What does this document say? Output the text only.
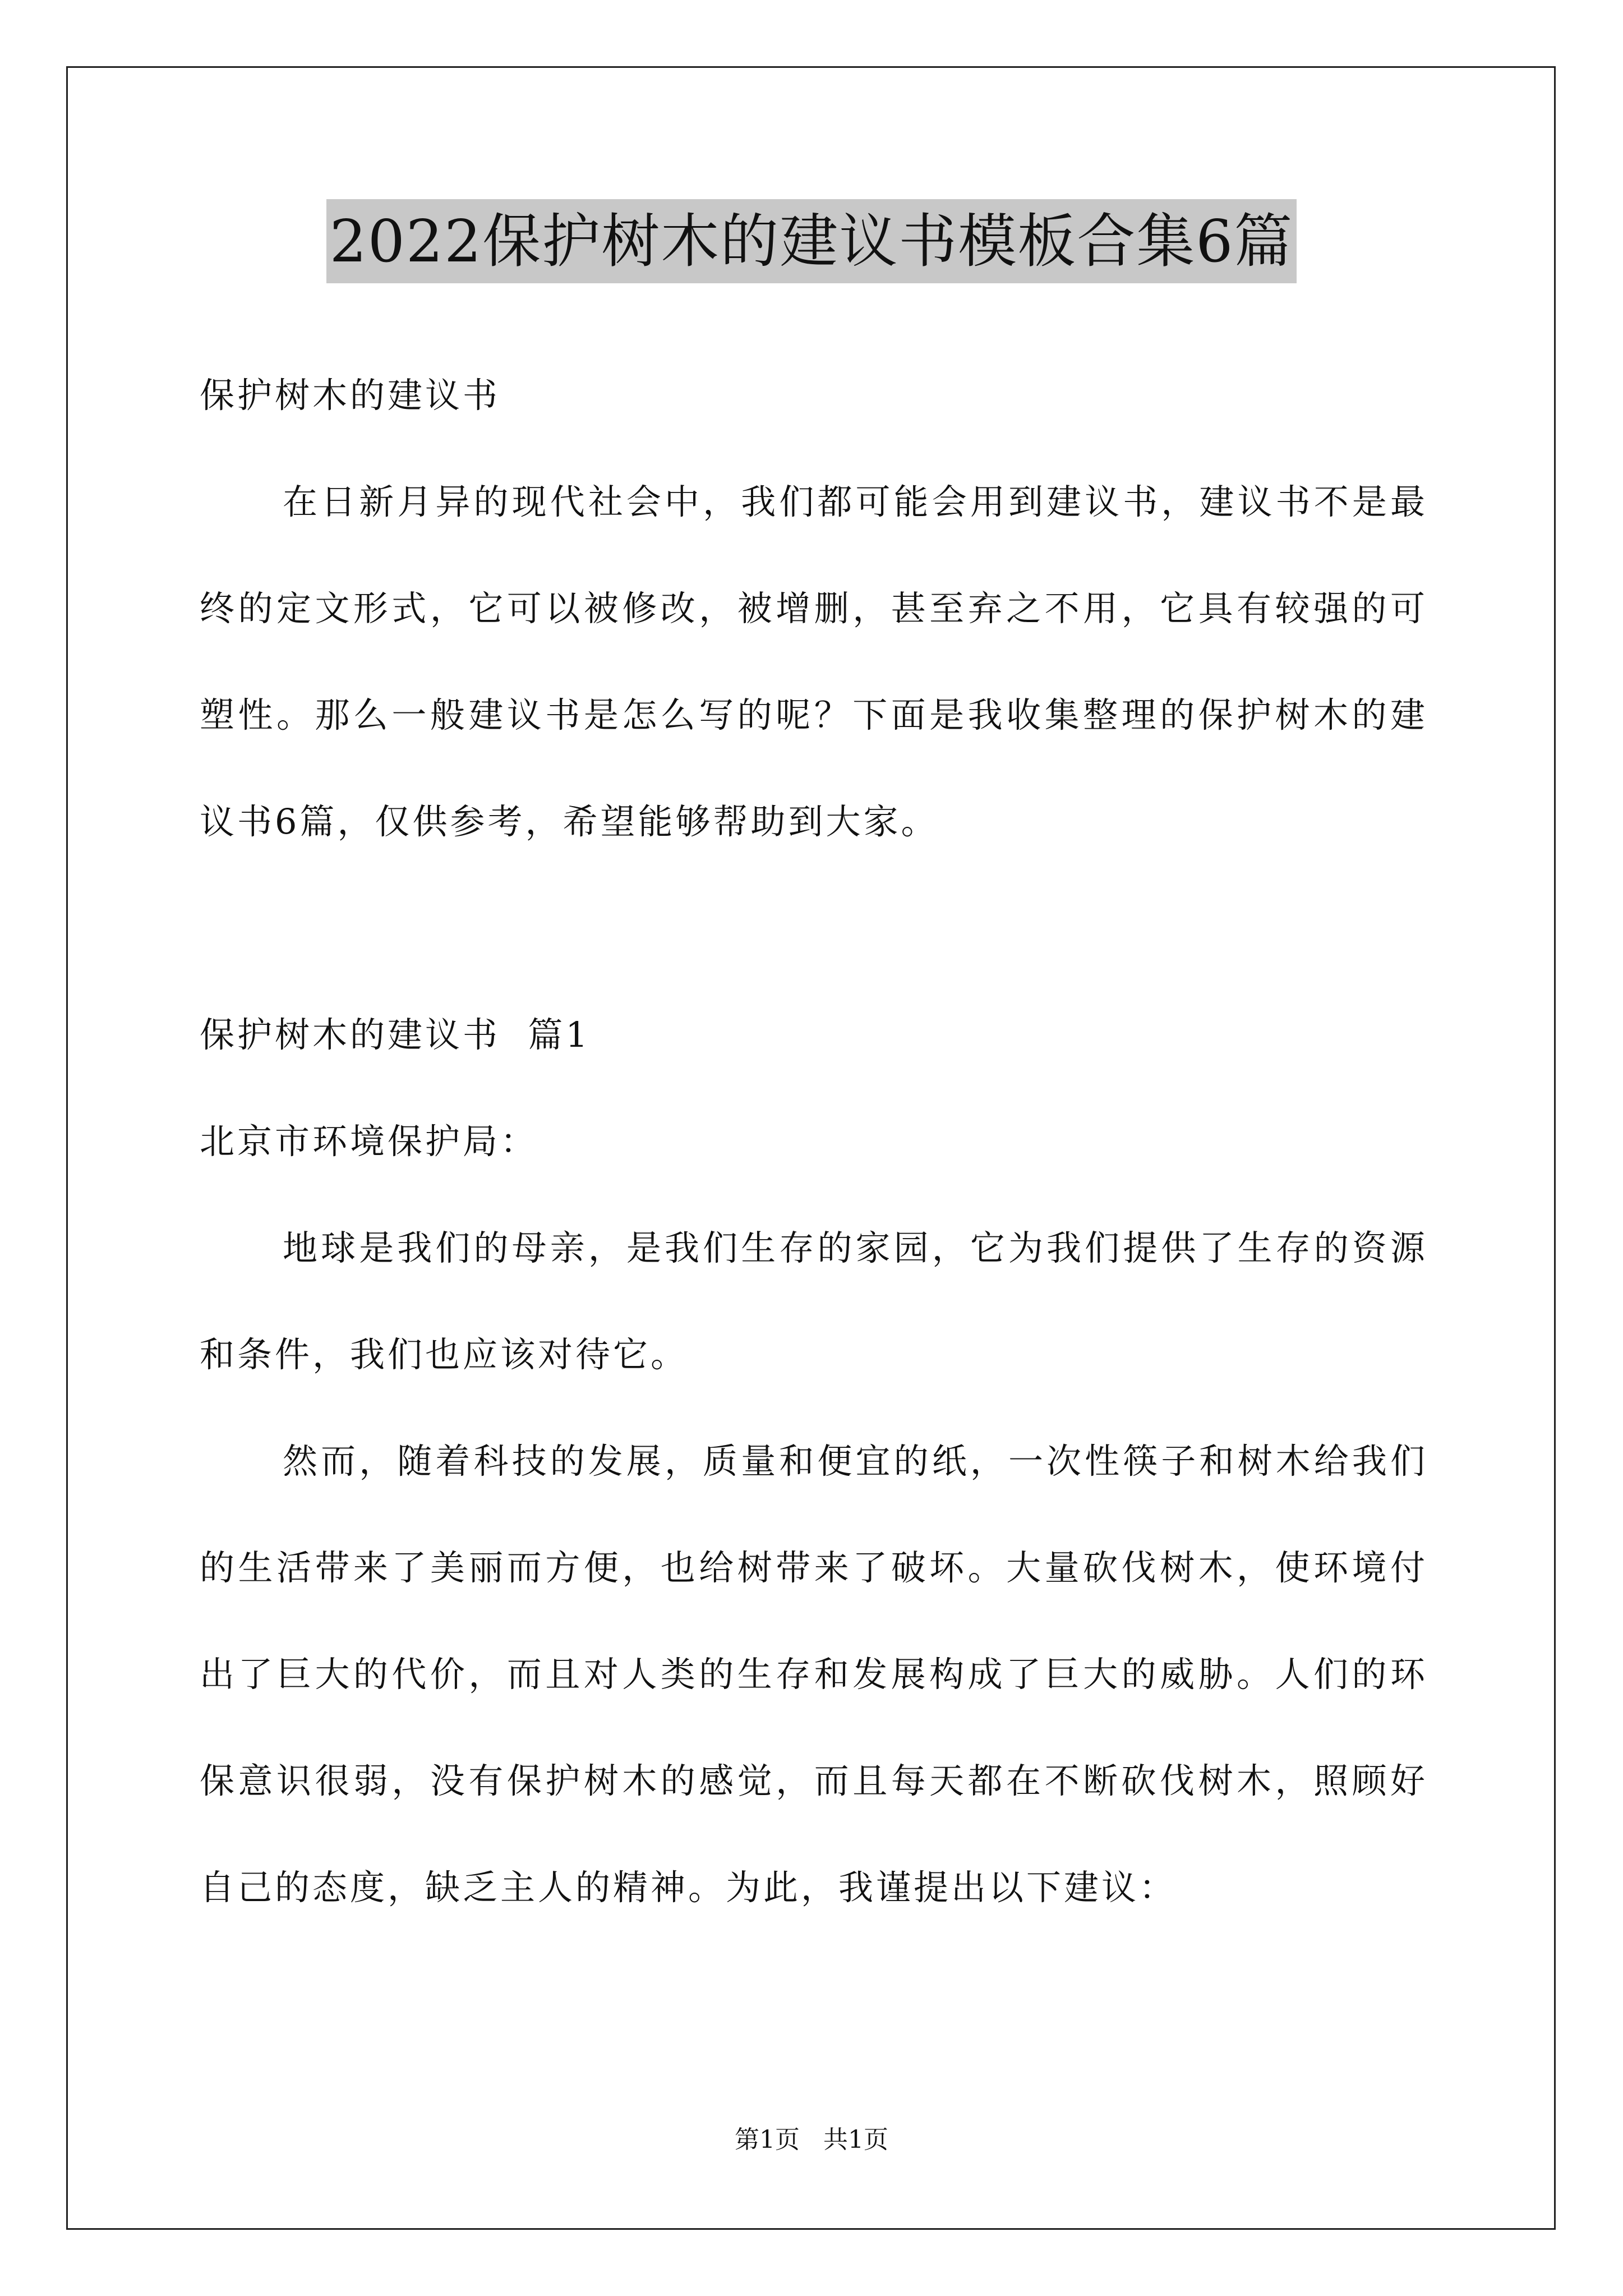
2022保护树木的建议书模板合集6篇
保护树木的建议书

在日新月异的现代社会中，我们都可能会用到建议书，建议书不是最终的定文形式，它可以被修改，被增删，甚至弃之不用，它具有较强的可塑性。那么一般建议书是怎么写的呢？下面是我收集整理的保护树木的建议书6篇，仅供参考，希望能够帮助到大家。

保护树木的建议书  篇1
北京市环境保护局：

地球是我们的母亲，是我们生存的家园，它为我们提供了生存的资源和条件，我们也应该对待它。

然而，随着科技的发展，质量和便宜的纸，一次性筷子和树木给我们的生活带来了美丽而方便，也给树带来了破坏。大量砍伐树木，使环境付出了巨大的代价，而且对人类的生存和发展构成了巨大的威胁。人们的环保意识很弱，没有保护树木的感觉，而且每天都在不断砍伐树木，照顾好自己的态度，缺乏主人的精神。为此，我谨提出以下建议：

第1页   共1页
